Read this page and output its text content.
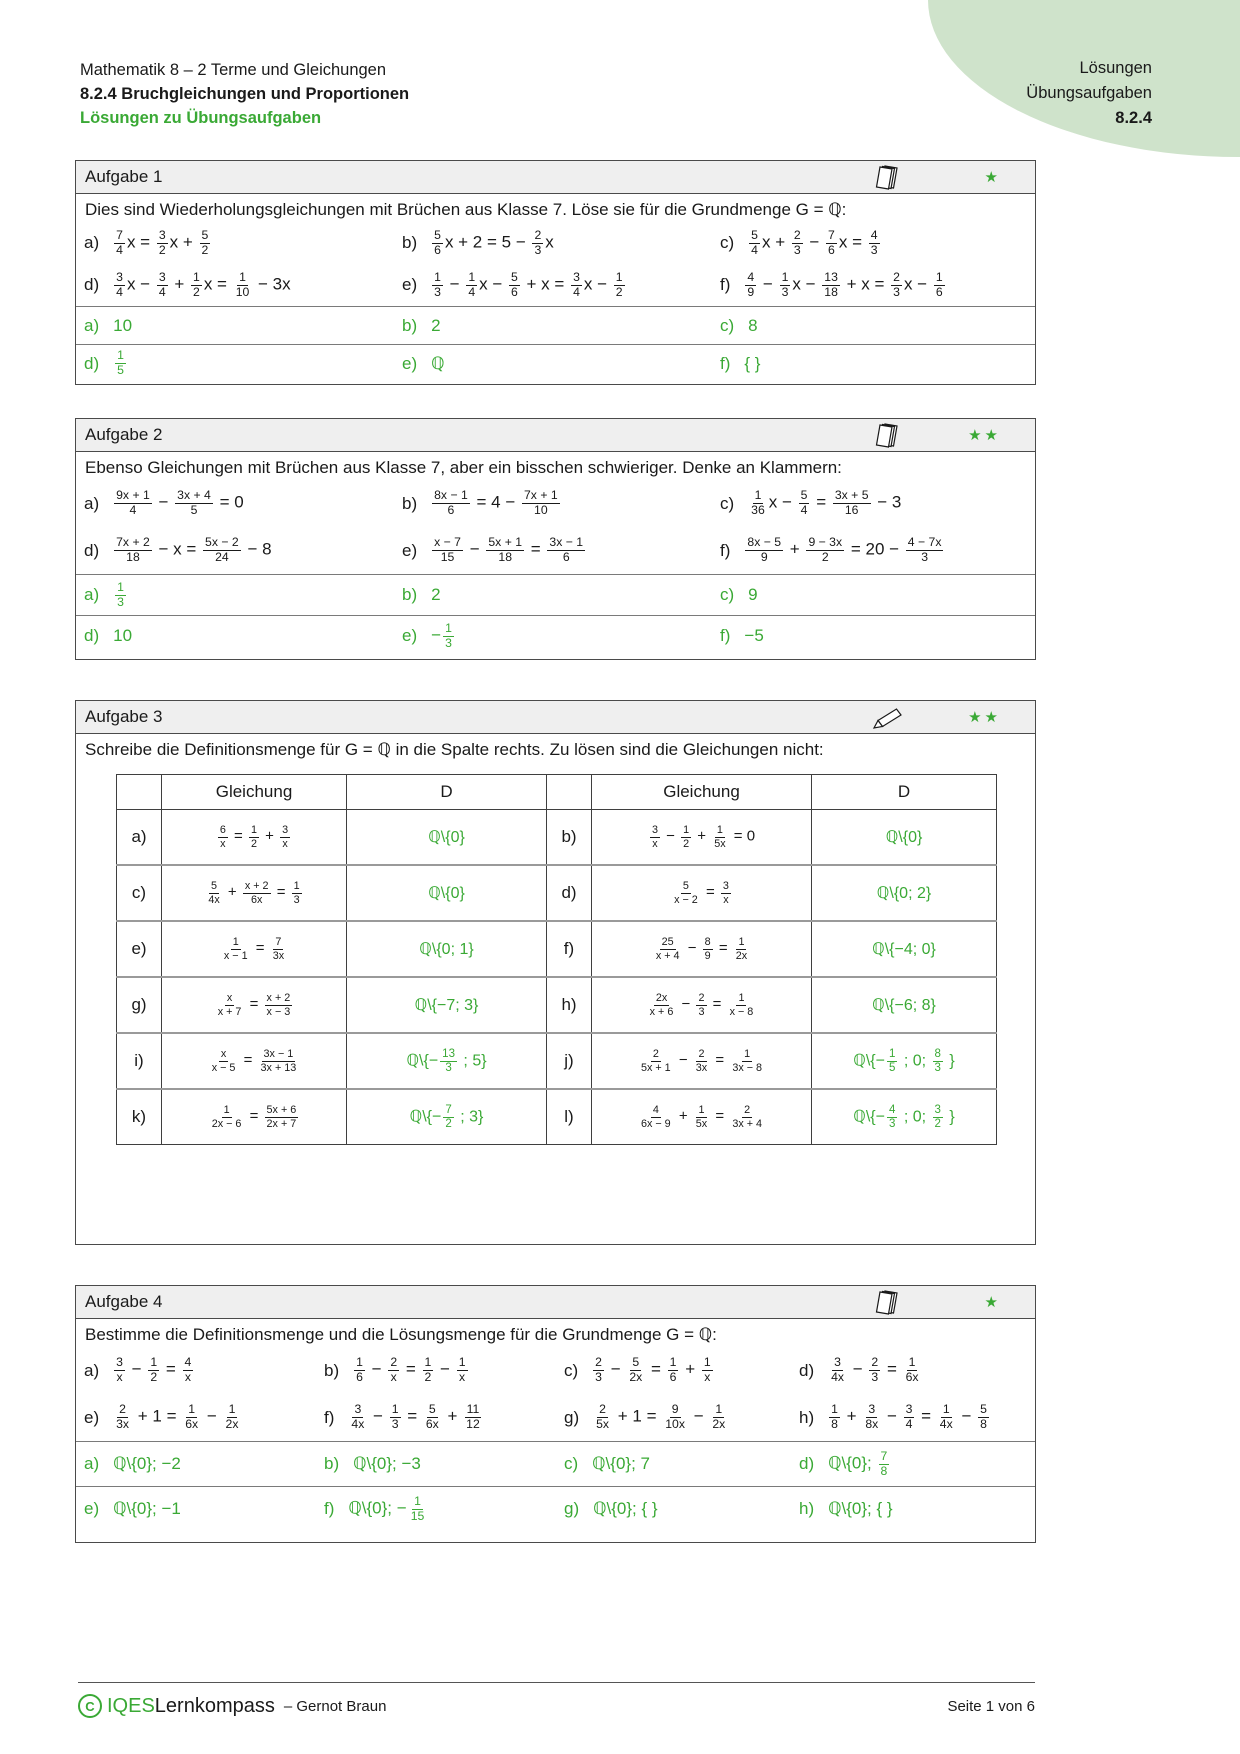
Lösungen
Übungsaufgaben
8.2.4
Mathematik 8 – 2 Terme und Gleichungen
8.2.4 Bruchgleichungen und Proportionen
Lösungen zu Übungsaufgaben
Aufgabe 1	★

Dies sind Wiederholungsgleichungen mit Brüchen aus Klasse 7. Löse sie für die Grundmenge G = ℚ:

$a) \frac{7}{4}$ $x = \frac{3}{2}$ $x + \frac{5}{2}$	$b) \frac{5}{6}$ $x + 2 = 5 - \frac{2}{3}$ x	$c) \frac{5}{4}$ $x + \frac{2}{3} - \frac{7}{6}$ $x = \frac{4}{3}$
$d) \frac{3}{4}$ $x - \frac{3}{4} + \frac{1}{2}$ $x = \frac{1}{10} - 3x$	$e) \frac{1}{3} - \frac{1}{4}$ $x - \frac{5}{6} + x = \frac{3}{4}$ $x - \frac{1}{2}$	$f) \frac{4}{9} - \frac{1}{3}$ $x - \frac{13}{18} + x = \frac{2}{3}$ $x - \frac{1}{6}$
a) 10	b) 2	c) 8
$d) \frac{1}{5}$	e) ℚ	f) { }
Aufgabe 2	★★

Ebenso Gleichungen mit Brüchen aus Klasse 7, aber ein bisschen schwieriger. Denke an Klammern:

$a) \frac{9x + 1}{4} - \frac{3x + 4}{5} = 0$	$b) \frac{8x - 1}{6} = 4 - \frac{7x + 1}{10}$	$c) \frac{1}{36}$ $x - \frac{5}{4} = \frac{3x + 5}{16} - 3$
$d) \frac{7x + 2}{18} - x = \frac{5x - 2}{24} - 8$	$e) \frac{x - 7}{15} - \frac{5x + 1}{18} = \frac{3x - 1}{6}$	$f) \frac{8x - 5}{9} + \frac{9 - 3x}{2} = 20 - \frac{4 - 7x}{3}$
$a) \frac{1}{3}$	b) 2	c) 9
d) 10	$e) - \frac{1}{3}$	f) −5
Aufgabe 3	★★

Schreibe die Definitionsmenge für G = ℚ in die Spalte rechts. Zu lösen sind die Gleichungen nicht:

	Gleichung	D		Gleichung	D
a)	$\frac{6}{x} = \frac{1}{2} + \frac{3}{x}$	ℚ\{0}	b)	$\frac{3}{x} - \frac{1}{2} + \frac{1}{5x} = 0$	ℚ\{0}
c)	$\frac{5}{4x} + \frac{x + 2}{6x} = \frac{1}{3}$	ℚ\{0}	d)	$\frac{5}{x - 2} = \frac{3}{x}$	ℚ\{0; 2}
e)	$\frac{1}{x - 1} = \frac{7}{3x}$	ℚ\{0; 1}	f)	$\frac{25}{x + 4} - \frac{8}{9} = \frac{1}{2x}$	ℚ\{−4; 0}
g)	$\frac{x}{x + 7} = \frac{x + 2}{x - 3}$	ℚ\{−7; 3}	h)	$\frac{2x}{x + 6} - \frac{2}{3} = \frac{1}{x - 8}$	ℚ\{−6; 8}
i)	$\frac{x}{x - 5} = \frac{3x - 1}{3x + 13}$	ℚ\{− $\frac{13}{3}$ ; 5}	j)	$\frac{2}{5x + 1} - \frac{2}{3x} = \frac{1}{3x - 8}$	ℚ\{− $\frac{1}{5}$ ; 0; $\frac{8}{3}$ }
k)	$\frac{1}{2x - 6} = \frac{5x + 6}{2x + 7}$	ℚ\{− $\frac{7}{2}$ ; 3}	l)	$\frac{4}{6x - 9} + \frac{1}{5x} = \frac{2}{3x + 4}$	ℚ\{− $\frac{4}{3}$ ; 0; $\frac{3}{2}$ }
Aufgabe 4	★

Bestimme die Definitionsmenge und die Lösungsmenge für die Grundmenge G = ℚ:

$a) \frac{3}{x} - \frac{1}{2} = \frac{4}{x}$	$b) \frac{1}{6} - \frac{2}{x} = \frac{1}{2} - \frac{1}{x}$	$c) \frac{2}{3} - \frac{5}{2x} = \frac{1}{6} + \frac{1}{x}$	$d) \frac{3}{4x} - \frac{2}{3} = \frac{1}{6x}$
$e) \frac{2}{3x} + 1 = \frac{1}{6x} - \frac{1}{2x}$	$f) \frac{3}{4x} - \frac{1}{3} = \frac{5}{6x} + \frac{11}{12}$	$g) \frac{2}{5x} + 1 = \frac{9}{10x} - \frac{1}{2x}$	$h) \frac{1}{8} + \frac{3}{8x} - \frac{3}{4} = \frac{1}{4x} - \frac{5}{8}$
a) ℚ\{0}; −2	b) ℚ\{0}; −3	c) ℚ\{0}; 7	d) ℚ\{0}; $\frac{7}{8}$
e) ℚ\{0}; −1	f) ℚ\{0}; − $\frac{1}{15}$	g) ℚ\{0}; { }	h) ℚ\{0}; { }
C IQES Lernkompass – Gernot Braun	Seite 1 von 6
